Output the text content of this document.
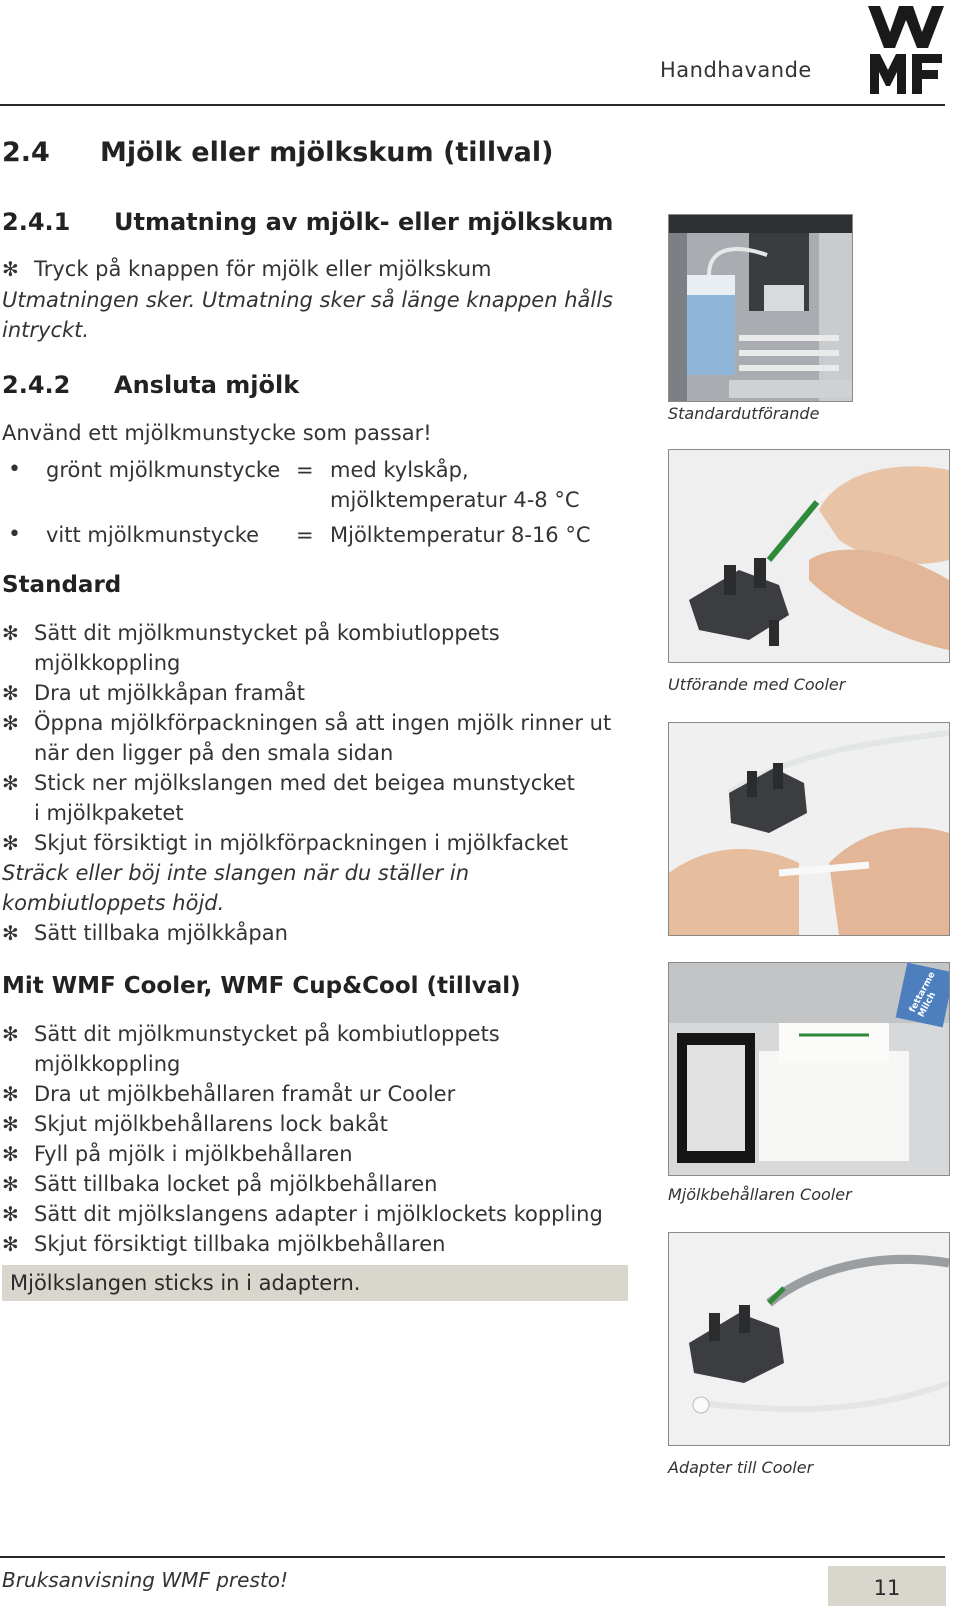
Handhavande
2.4 Mjölk eller mjölkskum (tillval)
2.4.1 Utmatning av mjölk- eller mjölkskum
✻ Tryck på knappen för mjölk eller mjölkskum
Utmatningen sker. Utmatning sker så länge knappen hålls
intryckt.
2.4.2 Ansluta mjölk
Använd ett mjölkmunstycke som passar!
•	grönt mjölkmunstycke = med kylskåp,
mjölktemperatur 4-8 °C
•	vitt mjölkmunstycke	= Mjölktemperatur 8-16 °C
Standard
✻ Sätt dit mjölkmunstycket på kombiutloppets
mjölkkoppling
✻ Dra ut mjölkkåpan framåt
✻ Öppna mjölkförpackningen så att ingen mjölk rinner ut
när den ligger på den smala sidan
✻ Stick ner mjölkslangen med det beigea munstycket
i mjölkpaketet
✻ Skjut försiktigt in mjölkförpackningen i mjölkfacket
Sträck eller böj inte slangen när du ställer in
kombiutloppets höjd.
✻ Sätt tillbaka mjölkkåpan
Mit WMF Cooler, WMF Cup&Cool (tillval)
✻ Sätt dit mjölkmunstycket på kombiutloppets
mjölkkoppling
✻ Dra ut mjölkbehållaren framåt ur Cooler
✻ Skjut mjölkbehållarens lock bakåt
✻ Fyll på mjölk i mjölkbehållaren
✻ Sätt tillbaka locket på mjölkbehållaren
✻ Sätt dit mjölkslangens adapter i mjölklockets koppling
✻ Skjut försiktigt tillbaka mjölkbehållaren
Mjölkslangen sticks in i adaptern.
Standardutförande
Utförande med Cooler
fettarme Milch
Mjölkbehållaren Cooler
Adapter till Cooler
Bruksanvisning WMF presto!	11
